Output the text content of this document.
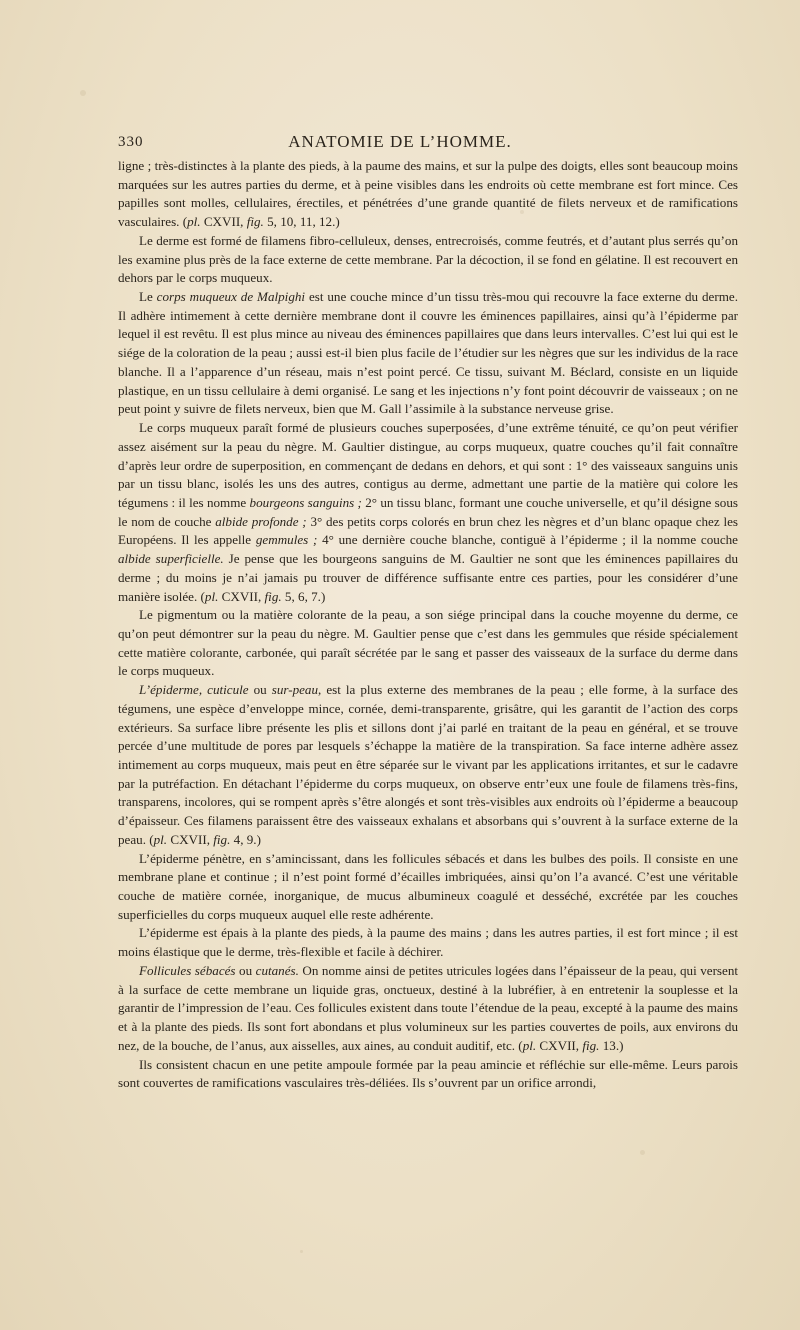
330	ANATOMIE DE L’HOMME.

ligne ; très-distinctes à la plante des pieds, à la paume des mains, et sur la pulpe des doigts, elles sont beaucoup moins marquées sur les autres parties du derme, et à peine visibles dans les endroits où cette membrane est fort mince. Ces papilles sont molles, cellulaires, érectiles, et pénétrées d’une grande quantité de filets nerveux et de ramifications vasculaires. (pl. CXVII, fig. 5, 10, 11, 12.)

Le derme est formé de filamens fibro-celluleux, denses, entrecroisés, comme feutrés, et d’autant plus serrés qu’on les examine plus près de la face externe de cette membrane. Par la décoction, il se fond en gélatine. Il est recouvert en dehors par le corps muqueux.

Le corps muqueux de Malpighi est une couche mince d’un tissu très-mou qui recouvre la face externe du derme. Il adhère intimement à cette dernière membrane dont il couvre les éminences papillaires, ainsi qu’à l’épiderme par lequel il est revêtu. Il est plus mince au niveau des éminences papillaires que dans leurs intervalles. C’est lui qui est le siége de la coloration de la peau ; aussi est-il bien plus facile de l’étudier sur les nègres que sur les individus de la race blanche. Il a l’apparence d’un réseau, mais n’est point percé. Ce tissu, suivant M. Béclard, consiste en un liquide plastique, en un tissu cellulaire à demi organisé. Le sang et les injections n’y font point découvrir de vaisseaux ; on ne peut point y suivre de filets nerveux, bien que M. Gall l’assimile à la substance nerveuse grise.

Le corps muqueux paraît formé de plusieurs couches superposées, d’une extrême ténuité, ce qu’on peut vérifier assez aisément sur la peau du nègre. M. Gaultier distingue, au corps muqueux, quatre couches qu’il fait connaître d’après leur ordre de superposition, en commençant de dedans en dehors, et qui sont : 1° des vaisseaux sanguins unis par un tissu blanc, isolés les uns des autres, contigus au derme, admettant une partie de la matière qui colore les tégumens : il les nomme bourgeons sanguins ; 2° un tissu blanc, formant une couche universelle, et qu’il désigne sous le nom de couche albide profonde ; 3° des petits corps colorés en brun chez les nègres et d’un blanc opaque chez les Européens. Il les appelle gemmules ; 4° une dernière couche blanche, contiguë à l’épiderme ; il la nomme couche albide superficielle. Je pense que les bourgeons sanguins de M. Gaultier ne sont que les éminences papillaires du derme ; du moins je n’ai jamais pu trouver de différence suffisante entre ces parties, pour les considérer d’une manière isolée. (pl. CXVII, fig. 5, 6, 7.)

Le pigmentum ou la matière colorante de la peau, a son siége principal dans la couche moyenne du derme, ce qu’on peut démontrer sur la peau du nègre. M. Gaultier pense que c’est dans les gemmules que réside spécialement cette matière colorante, carbonée, qui paraît sécrétée par le sang et passer des vaisseaux de la surface du derme dans le corps muqueux.

L’épiderme, cuticule ou sur-peau, est la plus externe des membranes de la peau ; elle forme, à la surface des tégumens, une espèce d’enveloppe mince, cornée, demi-transparente, grisâtre, qui les garantit de l’action des corps extérieurs. Sa surface libre présente les plis et sillons dont j’ai parlé en traitant de la peau en général, et se trouve percée d’une multitude de pores par lesquels s’échappe la matière de la transpiration. Sa face interne adhère assez intimement au corps muqueux, mais peut en être séparée sur le vivant par les applications irritantes, et sur le cadavre par la putréfaction. En détachant l’épiderme du corps muqueux, on observe entr’eux une foule de filamens très-fins, transparens, incolores, qui se rompent après s’être alongés et sont très-visibles aux endroits où l’épiderme a beaucoup d’épaisseur. Ces filamens paraissent être des vaisseaux exhalans et absorbans qui s’ouvrent à la surface externe de la peau. (pl. CXVII, fig. 4, 9.)

L’épiderme pénètre, en s’amincissant, dans les follicules sébacés et dans les bulbes des poils. Il consiste en une membrane plane et continue ; il n’est point formé d’écailles imbriquées, ainsi qu’on l’a avancé. C’est une véritable couche de matière cornée, inorganique, de mucus albumineux coagulé et desséché, excrétée par les couches superficielles du corps muqueux auquel elle reste adhérente.

L’épiderme est épais à la plante des pieds, à la paume des mains ; dans les autres parties, il est fort mince ; il est moins élastique que le derme, très-flexible et facile à déchirer.

Follicules sébacés ou cutanés. On nomme ainsi de petites utricules logées dans l’épaisseur de la peau, qui versent à la surface de cette membrane un liquide gras, onctueux, destiné à la lubréfier, à en entretenir la souplesse et la garantir de l’impression de l’eau. Ces follicules existent dans toute l’étendue de la peau, excepté à la paume des mains et à la plante des pieds. Ils sont fort abondans et plus volumineux sur les parties couvertes de poils, aux environs du nez, de la bouche, de l’anus, aux aisselles, aux aines, au conduit auditif, etc. (pl. CXVII, fig. 13.)

Ils consistent chacun en une petite ampoule formée par la peau amincie et réfléchie sur elle-même. Leurs parois sont couvertes de ramifications vasculaires très-déliées. Ils s’ouvrent par un orifice arrondi,
